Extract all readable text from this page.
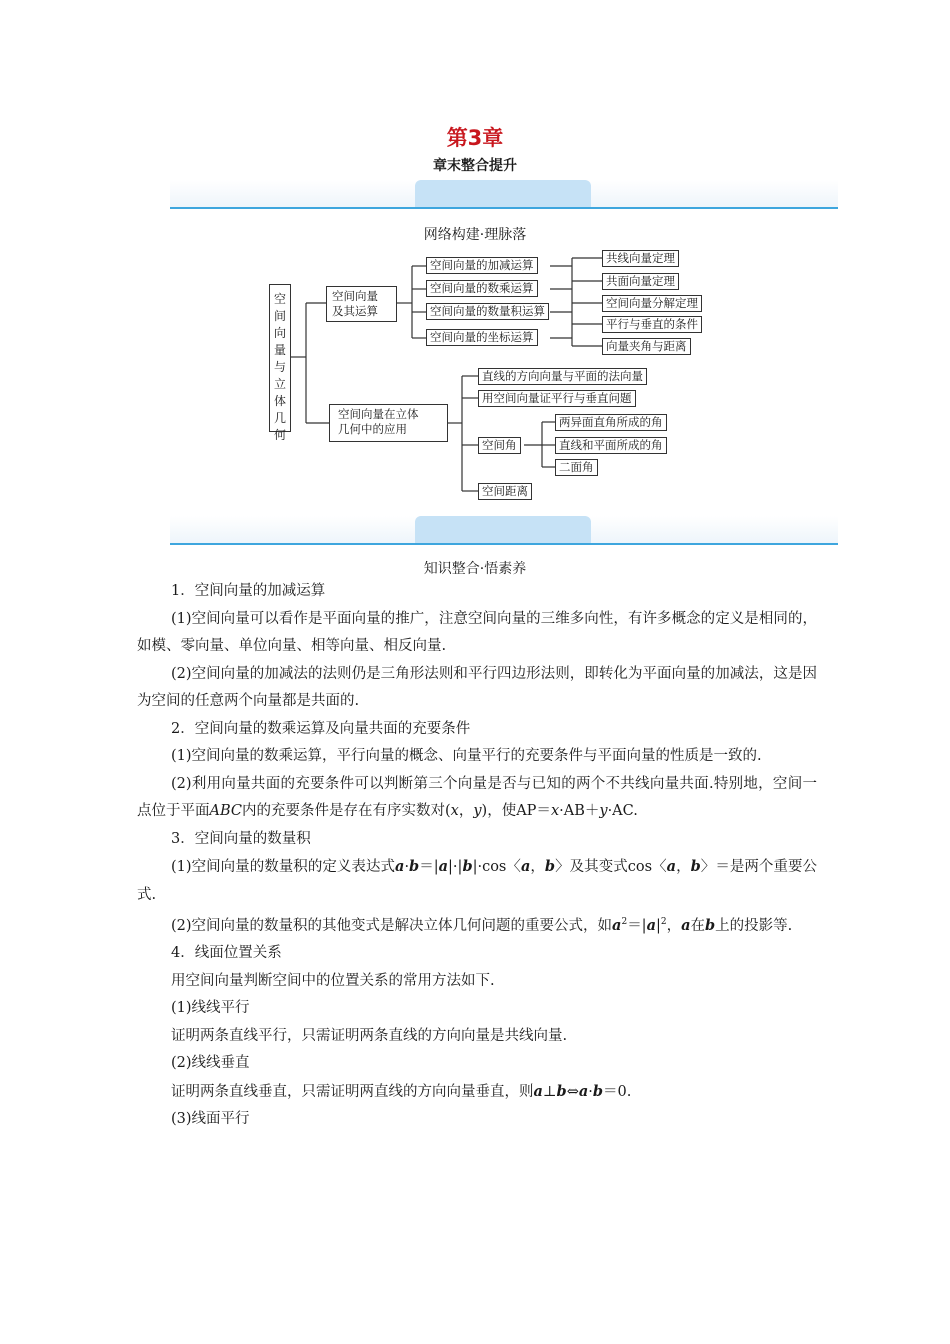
第3章
章末整合提升
网络构建·理脉落
空间向量与立体几何
空间向量
及其运算
空间向量的加减运算
空间向量的数乘运算
空间向量的数量积运算
空间向量的坐标运算
共线向量定理
共面向量定理
空间向量分解定理
平行与垂直的条件
向量夹角与距离
空间向量在立体
几何中的应用
直线的方向向量与平面的法向量
用空间向量证平行与垂直问题
空间角
空间距离
两异面直角所成的角
直线和平面所成的角
二面角
知识整合·悟素养

1．空间向量的加减运算

(1)空间向量可以看作是平面向量的推广，注意空间向量的三维多向性，有许多概念的定义是相同的，如模、零向量、单位向量、相等向量、相反向量.

(2)空间向量的加减法的法则仍是三角形法则和平行四边形法则，即转化为平面向量的加减法，这是因为空间的任意两个向量都是共面的.

2．空间向量的数乘运算及向量共面的充要条件

(1)空间向量的数乘运算，平行向量的概念、向量平行的充要条件与平面向量的性质是一致的.

(2)利用向量共面的充要条件可以判断第三个向量是否与已知的两个不共线向量共面.特别地，空间一点位于平面ABC内的充要条件是存在有序实数对(x，y)，使AP＝x·AB＋y·AC.

3．空间向量的数量积

(1)空间向量的数量积的定义表达式a·b＝|a|·|b|·cos〈a，b〉及其变式cos〈a，b〉＝是两个重要公式.

(2)空间向量的数量积的其他变式是解决立体几何问题的重要公式，如$a^2=|a|^2$，a在b上的投影等.

4．线面位置关系

用空间向量判断空间中的位置关系的常用方法如下.

(1)线线平行

证明两条直线平行，只需证明两条直线的方向向量是共线向量.

(2)线线垂直

证明两条直线垂直，只需证明两直线的方向向量垂直，则a⊥b⇔a·b＝0.

(3)线面平行
